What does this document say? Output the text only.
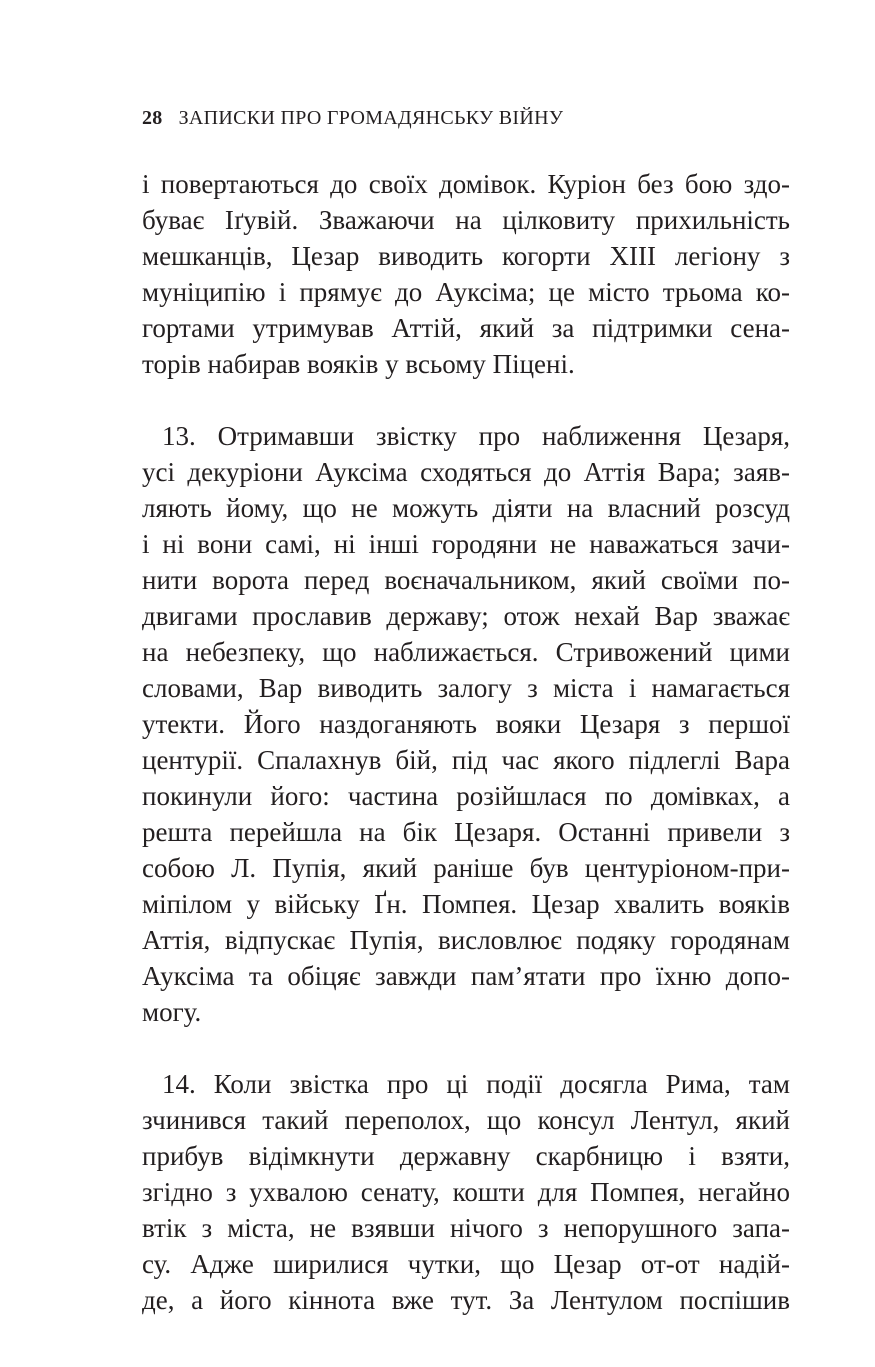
28 ЗАПИСКИ ПРО ГРОМАДЯНСЬКУ ВІЙНУ
і повертаються до своїх домівок. Куріон без бою здо-
буває Іґувій. Зважаючи на цілковиту прихильність
мешканців, Цезар виводить когорти XIII легіону з
муніципію і прямує до Ауксіма; це місто трьома ко-
гортами утримував Аттій, який за підтримки сена-
торів набирав вояків у всьому Піцені.
13. Отримавши звістку про наближення Цезаря,
усі декуріони Ауксіма сходяться до Аттія Вара; заяв-
ляють йому, що не можуть діяти на власний розсуд
і ні вони самі, ні інші городяни не наважаться зачи-
нити ворота перед воєначальником, який своїми по-
двигами прославив державу; отож нехай Вар зважає
на небезпеку, що наближається. Стривожений цими
словами, Вар виводить залогу з міста і намагається
утекти. Його наздоганяють вояки Цезаря з першої
центурії. Спалахнув бій, під час якого підлеглі Вара
покинули його: частина розійшлася по домівках, а
решта перейшла на бік Цезаря. Останні привели з
собою Л. Пупія, який раніше був центуріоном-при-
міпілом у війську Ґн. Помпея. Цезар хвалить вояків
Аттія, відпускає Пупія, висловлює подяку городянам
Ауксіма та обіцяє завжди пам’ятати про їхню допо-
могу.
14. Коли звістка про ці події досягла Рима, там
зчинився такий переполох, що консул Лентул, який
прибув відімкнути державну скарбницю і взяти,
згідно з ухвалою сенату, кошти для Помпея, негайно
втік з міста, не взявши нічого з непорушного запа-
су. Адже ширилися чутки, що Цезар от-от надій-
де, а його кіннота вже тут. За Лентулом поспішив
